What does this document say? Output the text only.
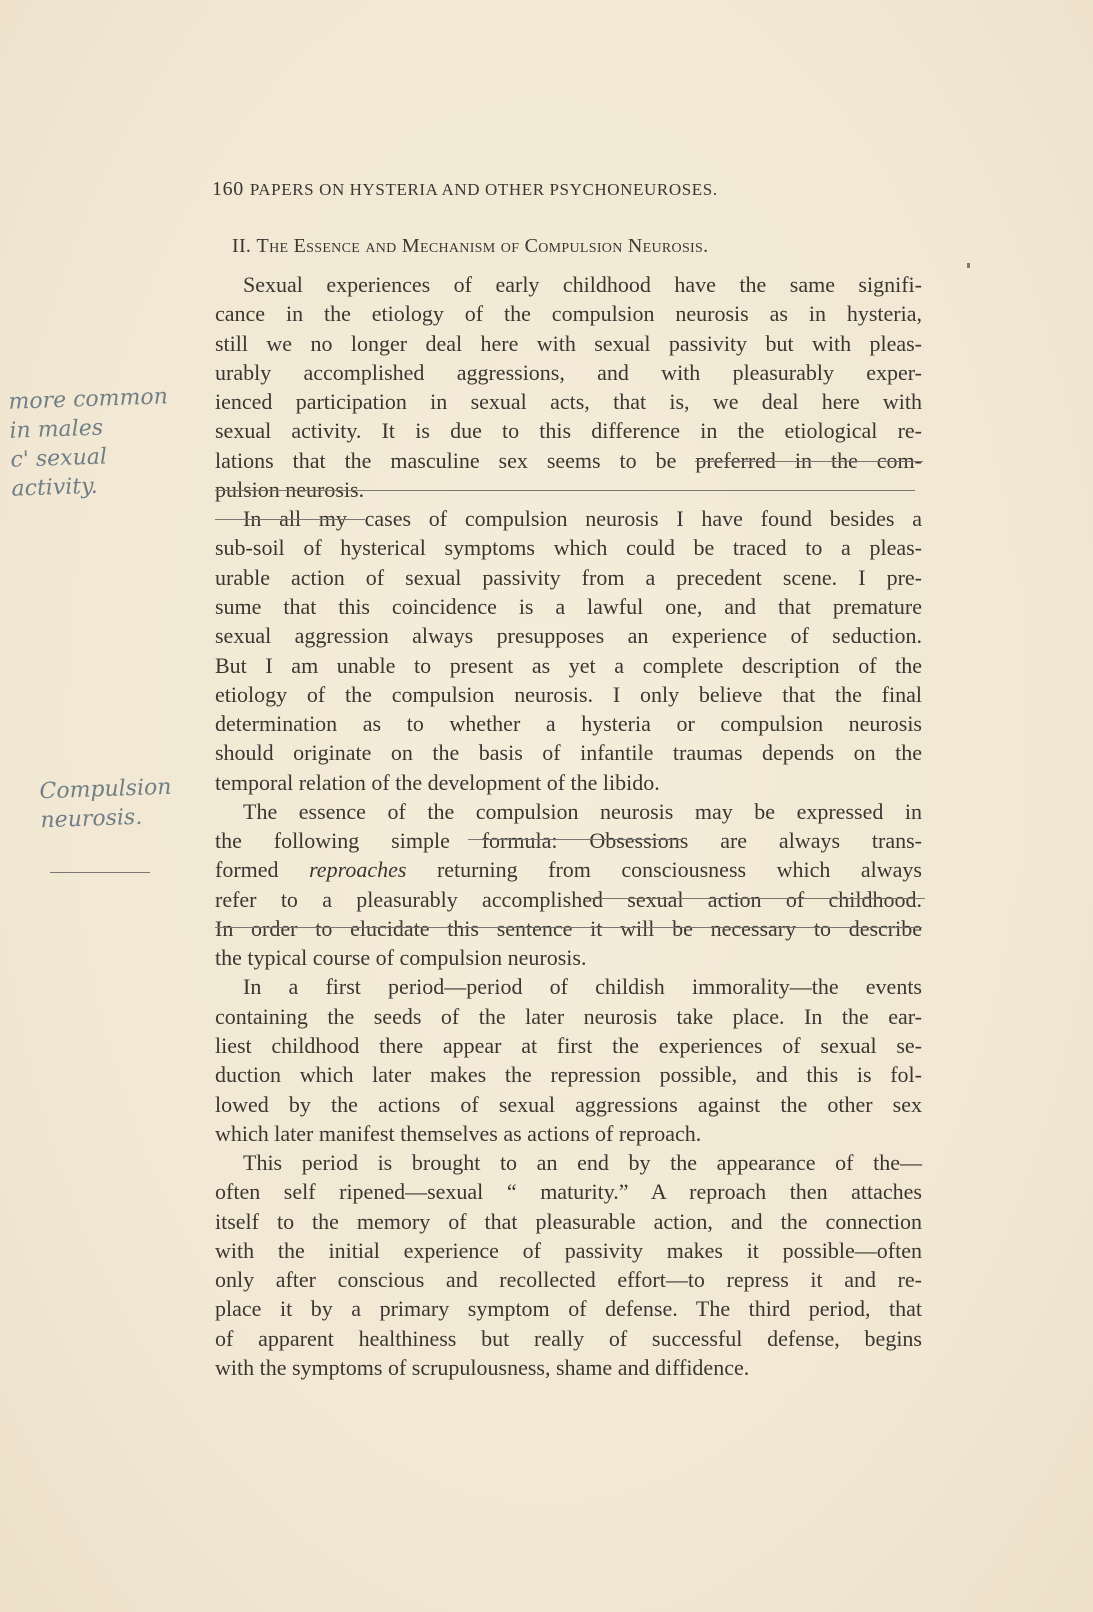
160 PAPERS ON HYSTERIA AND OTHER PSYCHONEUROSES.
II. The Essence and Mechanism of Compulsion Neurosis.
Sexual experiences of early childhood have the same signifi-
cance in the etiology of the compulsion neurosis as in hysteria,
still we no longer deal here with sexual passivity but with pleas-
urably accomplished aggressions, and with pleasurably exper-
ienced participation in sexual acts, that is, we deal here with
sexual activity. It is due to this difference in the etiological re-
lations that the masculine sex seems to be preferred in the com-
pulsion neurosis.
In all my cases of compulsion neurosis I have found besides a
sub-soil of hysterical symptoms which could be traced to a pleas-
urable action of sexual passivity from a precedent scene. I pre-
sume that this coincidence is a lawful one, and that premature
sexual aggression always presupposes an experience of seduction.
But I am unable to present as yet a complete description of the
etiology of the compulsion neurosis. I only believe that the final
determination as to whether a hysteria or compulsion neurosis
should originate on the basis of infantile traumas depends on the
temporal relation of the development of the libido.
The essence of the compulsion neurosis may be expressed in
the following simple formula: Obsessions are always trans-
formed reproaches returning from consciousness which always
refer to a pleasurably accomplished sexual action of childhood.
In order to elucidate this sentence it will be necessary to describe
the typical course of compulsion neurosis.
In a first period—period of childish immorality—the events
containing the seeds of the later neurosis take place. In the ear-
liest childhood there appear at first the experiences of sexual se-
duction which later makes the repression possible, and this is fol-
lowed by the actions of sexual aggressions against the other sex
which later manifest themselves as actions of reproach.
This period is brought to an end by the appearance of the—
often self ripened—sexual “ maturity.” A reproach then attaches
itself to the memory of that pleasurable action, and the connection
with the initial experience of passivity makes it possible—often
only after conscious and recollected effort—to repress it and re-
place it by a primary symptom of defense. The third period, that
of apparent healthiness but really of successful defense, begins
with the symptoms of scrupulousness, shame and diffidence.
more common
in males
c' sexual
activity.
Compulsion
neurosis.
